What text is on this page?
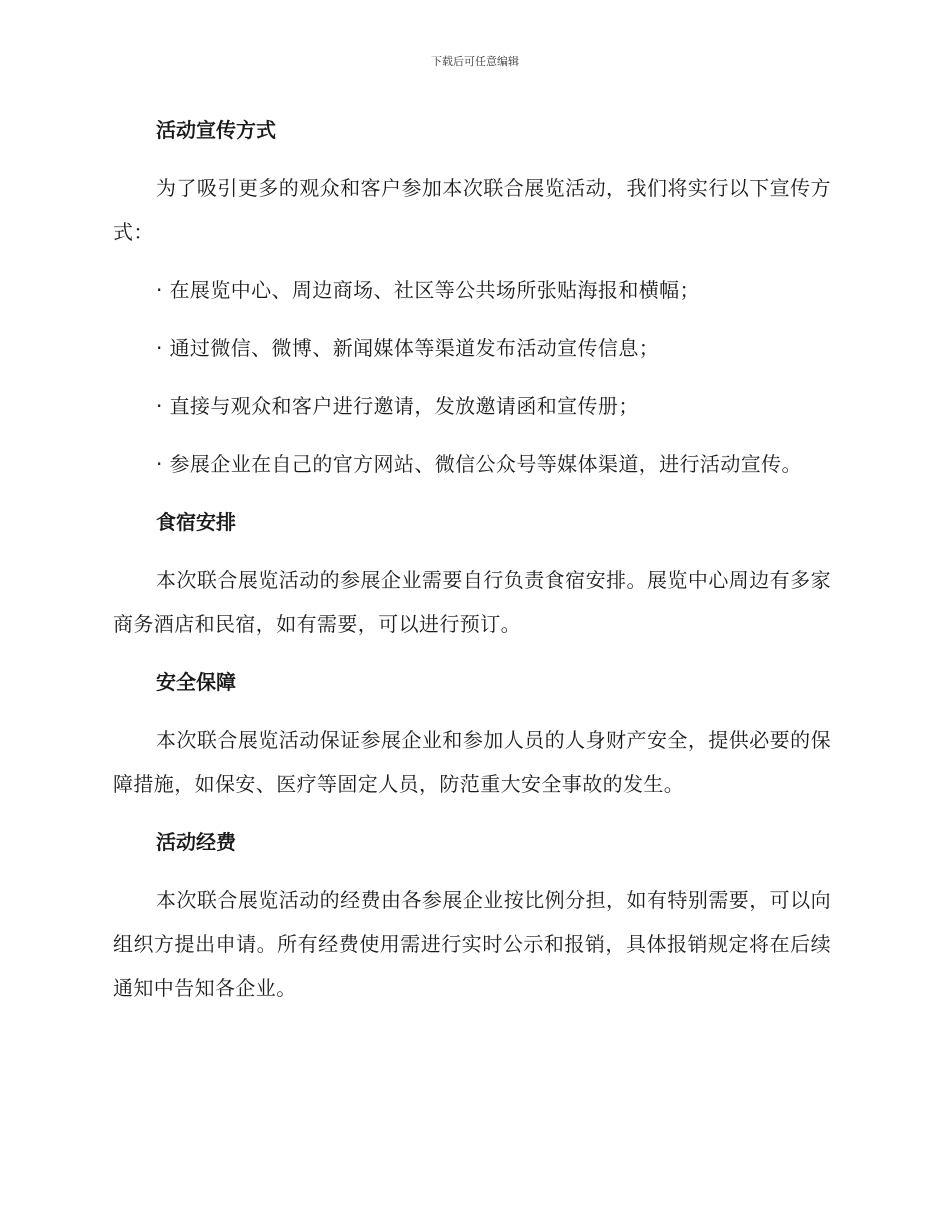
下载后可任意编辑
活动宣传方式
为了吸引更多的观众和客户参加本次联合展览活动，我们将实行以下宣传方式：
· 在展览中心、周边商场、社区等公共场所张贴海报和横幅；
· 通过微信、微博、新闻媒体等渠道发布活动宣传信息；
· 直接与观众和客户进行邀请，发放邀请函和宣传册；
· 参展企业在自己的官方网站、微信公众号等媒体渠道，进行活动宣传。
食宿安排
本次联合展览活动的参展企业需要自行负责食宿安排。展览中心周边有多家商务酒店和民宿，如有需要，可以进行预订。
安全保障
本次联合展览活动保证参展企业和参加人员的人身财产安全，提供必要的保障措施，如保安、医疗等固定人员，防范重大安全事故的发生。
活动经费
本次联合展览活动的经费由各参展企业按比例分担，如有特别需要，可以向组织方提出申请。所有经费使用需进行实时公示和报销，具体报销规定将在后续通知中告知各企业。
